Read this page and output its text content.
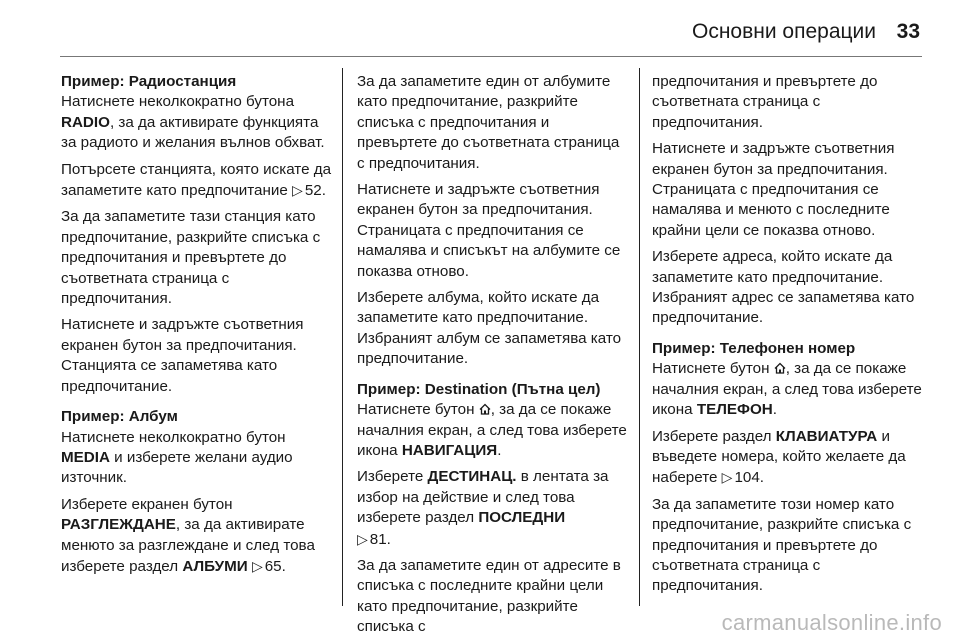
Основни операции 33

Пример: Радиостанция
Натиснете неколкократно бутона RADIO, за да активирате функцията за радиото и желания вълнов обхват.

Потърсете станцията, която искате да запаметите като предпочитание ▷ 52.

За да запаметите тази станция като предпочитание, разкрийте списъка с предпочитания и превъртете до съответната страница с предпочитания.

Натиснете и задръжте съответния екранен бутон за предпочитания. Станцията се запаметява като предпочитание.

Пример: Албум
Натиснете неколкократно бутон MEDIA и изберете желани аудио източник.

Изберете екранен бутон РАЗГЛЕЖДАНЕ, за да активирате менюто за разглеждане и след това изберете раздел АЛБУМИ ▷ 65.

За да запаметите един от албумите като предпочитание, разкрийте списъка с предпочитания и превъртете до съответната страница с предпочитания.

Натиснете и задръжте съответния екранен бутон за предпочитания. Страницата с предпочитания се намалява и списъкът на албумите се показва отново.

Изберете албума, който искате да запаметите като предпочитание. Избраният албум се запаметява като предпочитание.

Пример: Destination (Пътна цел)
Натиснете бутон , за да се покаже началния екран, а след това изберете икона НАВИГАЦИЯ.

Изберете ДЕСТИНАЦ. в лентата за избор на действие и след това изберете раздел ПОСЛЕДНИ
▷ 81.

За да запаметите един от адресите в списъка с последните крайни цели като предпочитание, разкрийте списъка с

предпочитания и превъртете до съответната страница с предпочитания.

Натиснете и задръжте съответния екранен бутон за предпочитания. Страницата с предпочитания се намалява и менюто с последните крайни цели се показва отново.

Изберете адреса, който искате да запаметите като предпочитание. Избраният адрес се запаметява като предпочитание.

Пример: Телефонен номер
Натиснете бутон , за да се покаже началния екран, а след това изберете икона ТЕЛЕФОН.

Изберете раздел КЛАВИАТУРА и въведете номера, който желаете да наберете ▷ 104.

За да запаметите този номер като предпочитание, разкрийте списъка с предпочитания и превъртете до съответната страница с предпочитания.

carmanualsonline.info
